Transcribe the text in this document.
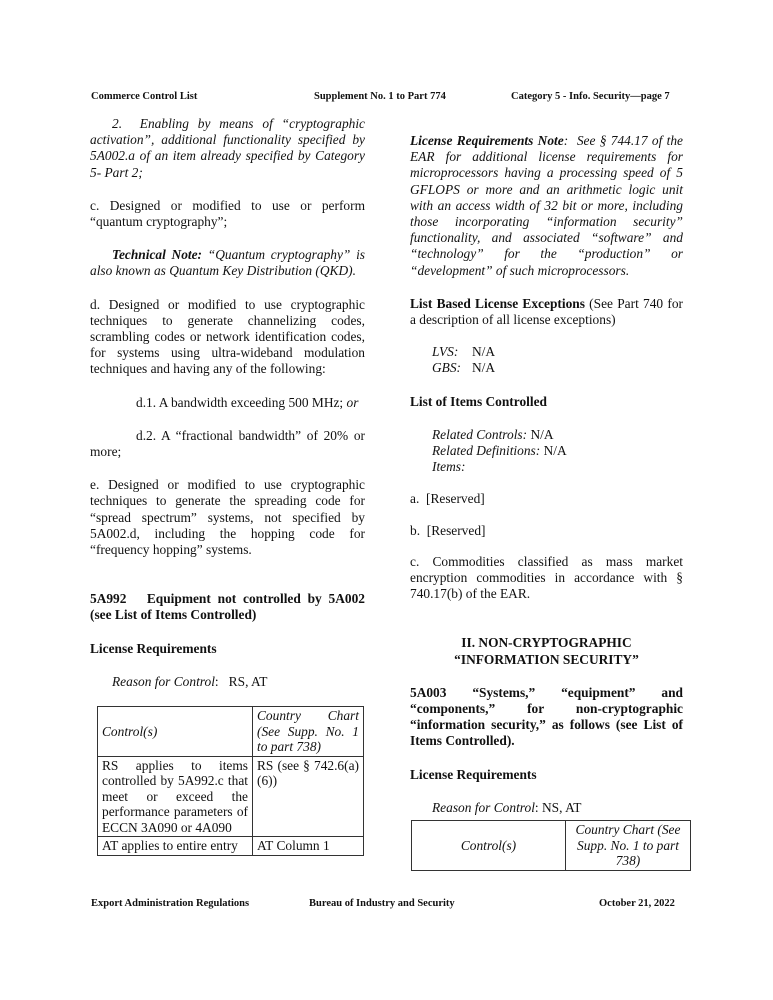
Commerce Control List	Supplement No. 1 to Part 774	Category 5 - Info. Security—page 7

2.  Enabling by means of “cryptographic activation”, additional functionality specified by 5A002.a of an item already specified by Category 5- Part 2;

c. Designed or modified to use or perform “quantum cryptography”;

Technical Note: “Quantum cryptography” is also known as Quantum Key Distribution (QKD).

d. Designed or modified to use cryptographic techniques to generate channelizing codes, scrambling codes or network identification codes, for systems using ultra-wideband modulation techniques and having any of the following:

d.1. A bandwidth exceeding 500 MHz; or

d.2. A “fractional bandwidth” of 20% or more;

e. Designed or modified to use cryptographic techniques to generate the spreading code for “spread spectrum” systems, not specified by 5A002.d, including the hopping code for “frequency hopping” systems.

5A992   Equipment not controlled by 5A002 (see List of Items Controlled)

License Requirements

Reason for Control:   RS, AT

Control(s)	Country Chart (See Supp. No. 1 to part 738)
RS applies to items controlled by 5A992.c that meet or exceed the performance parameters of ECCN 3A090 or 4A090	RS (see § 742.6(a)(6))
AT applies to entire entry	AT Column 1

License Requirements Note:  See § 744.17 of the EAR for additional license requirements for microprocessors having a processing speed of 5 GFLOPS or more and an arithmetic logic unit with an access width of 32 bit or more, including those incorporating “information security” functionality, and associated “software” and “technology” for the “production” or “development” of such microprocessors.

List Based License Exceptions (See Part 740 for a description of all license exceptions)

LVS:	N/A
GBS: N/A

List of Items Controlled

Related Controls: N/A
Related Definitions: N/A
Items:

a.  [Reserved]

b.  [Reserved]

c. Commodities classified as mass market encryption commodities in accordance with § 740.17(b) of the EAR.

II. NON-CRYPTOGRAPHIC

“INFORMATION SECURITY”

5A003 “Systems,” “equipment” and “components,” for non-cryptographic “information security,” as follows (see List of Items Controlled).

License Requirements

Reason for Control: NS, AT

Control(s)	Country Chart (See Supp. No. 1 to part 738)
Export Administration Regulations	Bureau of Industry and Security	October 21, 2022
